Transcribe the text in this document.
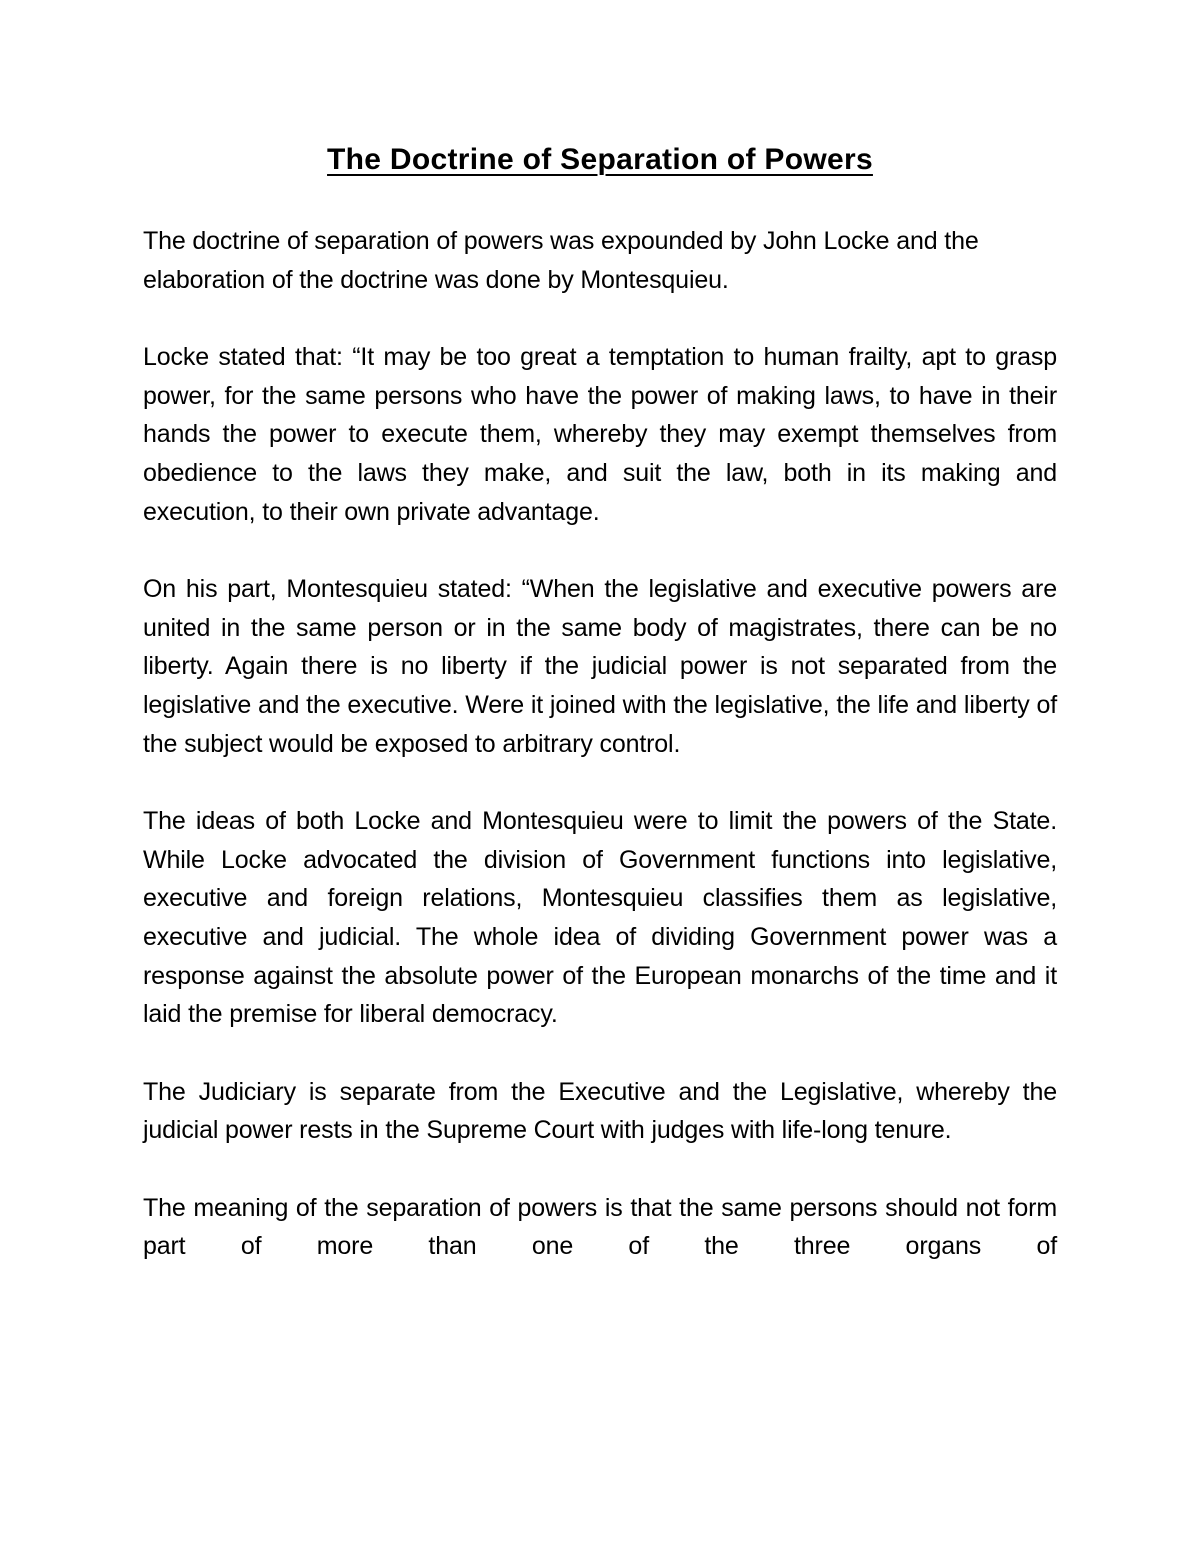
The Doctrine of Separation of Powers

The doctrine of separation of powers was expounded by John Locke and the elaboration of the doctrine was done by Montesquieu.

Locke stated that: “It may be too great a temptation to human frailty, apt to grasp power, for the same persons who have the power of making laws, to have in their hands the power to execute them, whereby they may exempt themselves from obedience to the laws they make, and suit the law, both in its making and execution, to their own private advantage.

On his part, Montesquieu stated: “When the legislative and executive powers are united in the same person or in the same body of magistrates, there can be no liberty. Again there is no liberty if the judicial power is not separated from the legislative and the executive. Were it joined with the legislative, the life and liberty of the subject would be exposed to arbitrary control.

The ideas of both Locke and Montesquieu were to limit the powers of the State. While Locke advocated the division of Government functions into legislative, executive and foreign relations, Montesquieu classifies them as legislative, executive and judicial. The whole idea of dividing Government power was a response against the absolute power of the European monarchs of the time and it laid the premise for liberal democracy.

The Judiciary is separate from the Executive and the Legislative, whereby the judicial power rests in the Supreme Court with judges with life-long tenure.

The meaning of the separation of powers is that the same persons should not form part of more than one of the three organs of
